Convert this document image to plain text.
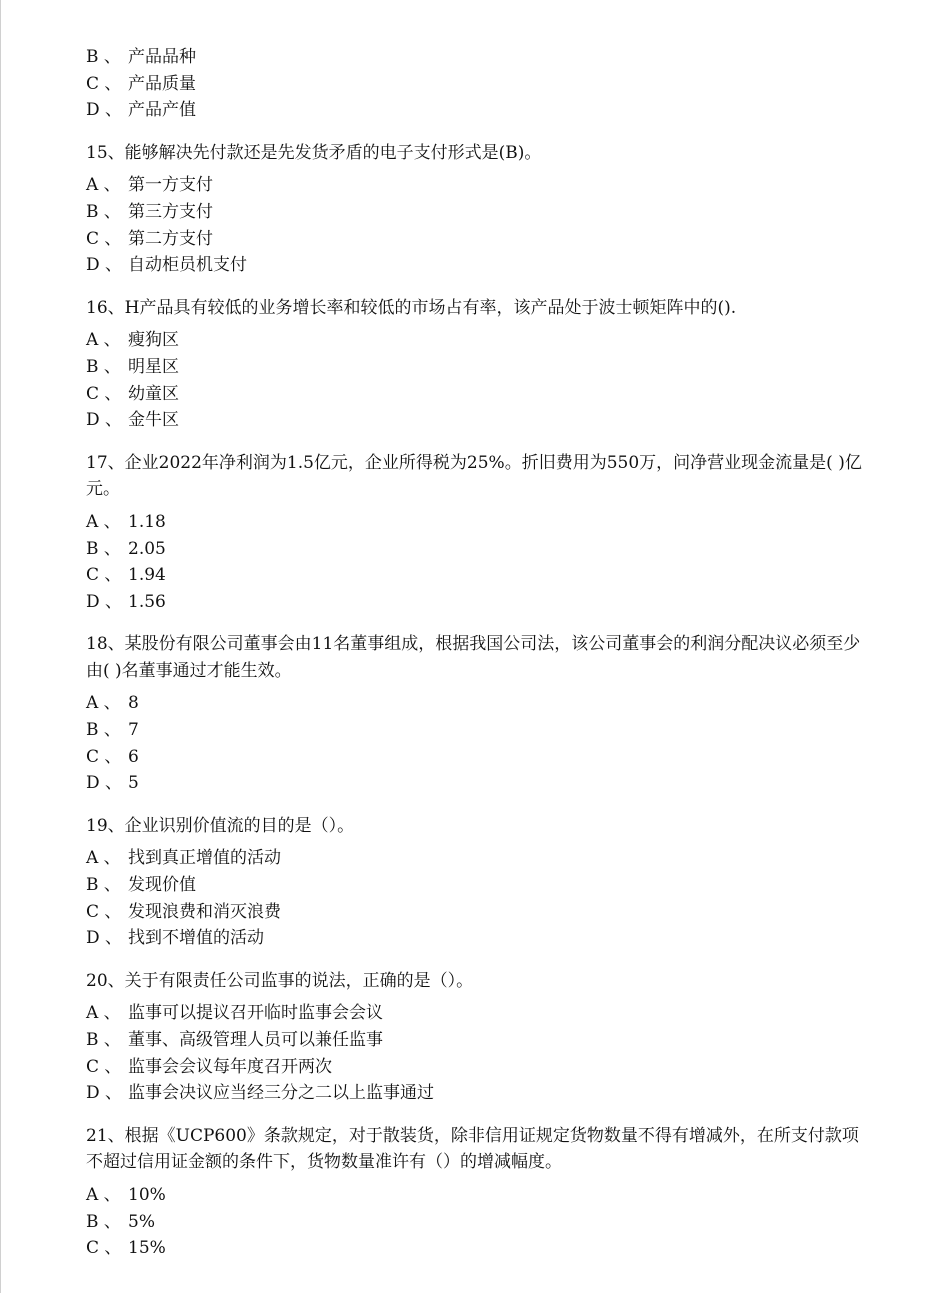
B 、 产品品种
C 、 产品质量
D 、 产品产值
15、能够解决先付款还是先发货矛盾的电子支付形式是(B)。
A 、 第一方支付
B 、 第三方支付
C 、 第二方支付
D 、 自动柜员机支付
16、H产品具有较低的业务增长率和较低的市场占有率，该产品处于波士顿矩阵中的().
A 、 瘦狗区
B 、 明星区
C 、 幼童区
D 、 金牛区
17、企业2022年净利润为1.5亿元，企业所得税为25%。折旧费用为550万，问净营业现金流量是( )亿元。
A 、 1.18
B 、 2.05
C 、 1.94
D 、 1.56
18、某股份有限公司董事会由11名董事组成，根据我国公司法，该公司董事会的利润分配决议必须至少由( )名董事通过才能生效。
A 、 8
B 、 7
C 、 6
D 、 5
19、企业识别价值流的目的是（）。
A 、 找到真正增值的活动
B 、 发现价值
C 、 发现浪费和消灭浪费
D 、 找到不增值的活动
20、关于有限责任公司监事的说法，正确的是（）。
A 、 监事可以提议召开临时监事会会议
B 、 董事、高级管理人员可以兼任监事
C 、 监事会会议每年度召开两次
D 、 监事会决议应当经三分之二以上监事通过
21、根据《UCP600》条款规定，对于散装货，除非信用证规定货物数量不得有增减外，在所支付款项不超过信用证金额的条件下，货物数量准许有（）的增减幅度。
A 、 10%
B 、 5%
C 、 15%
